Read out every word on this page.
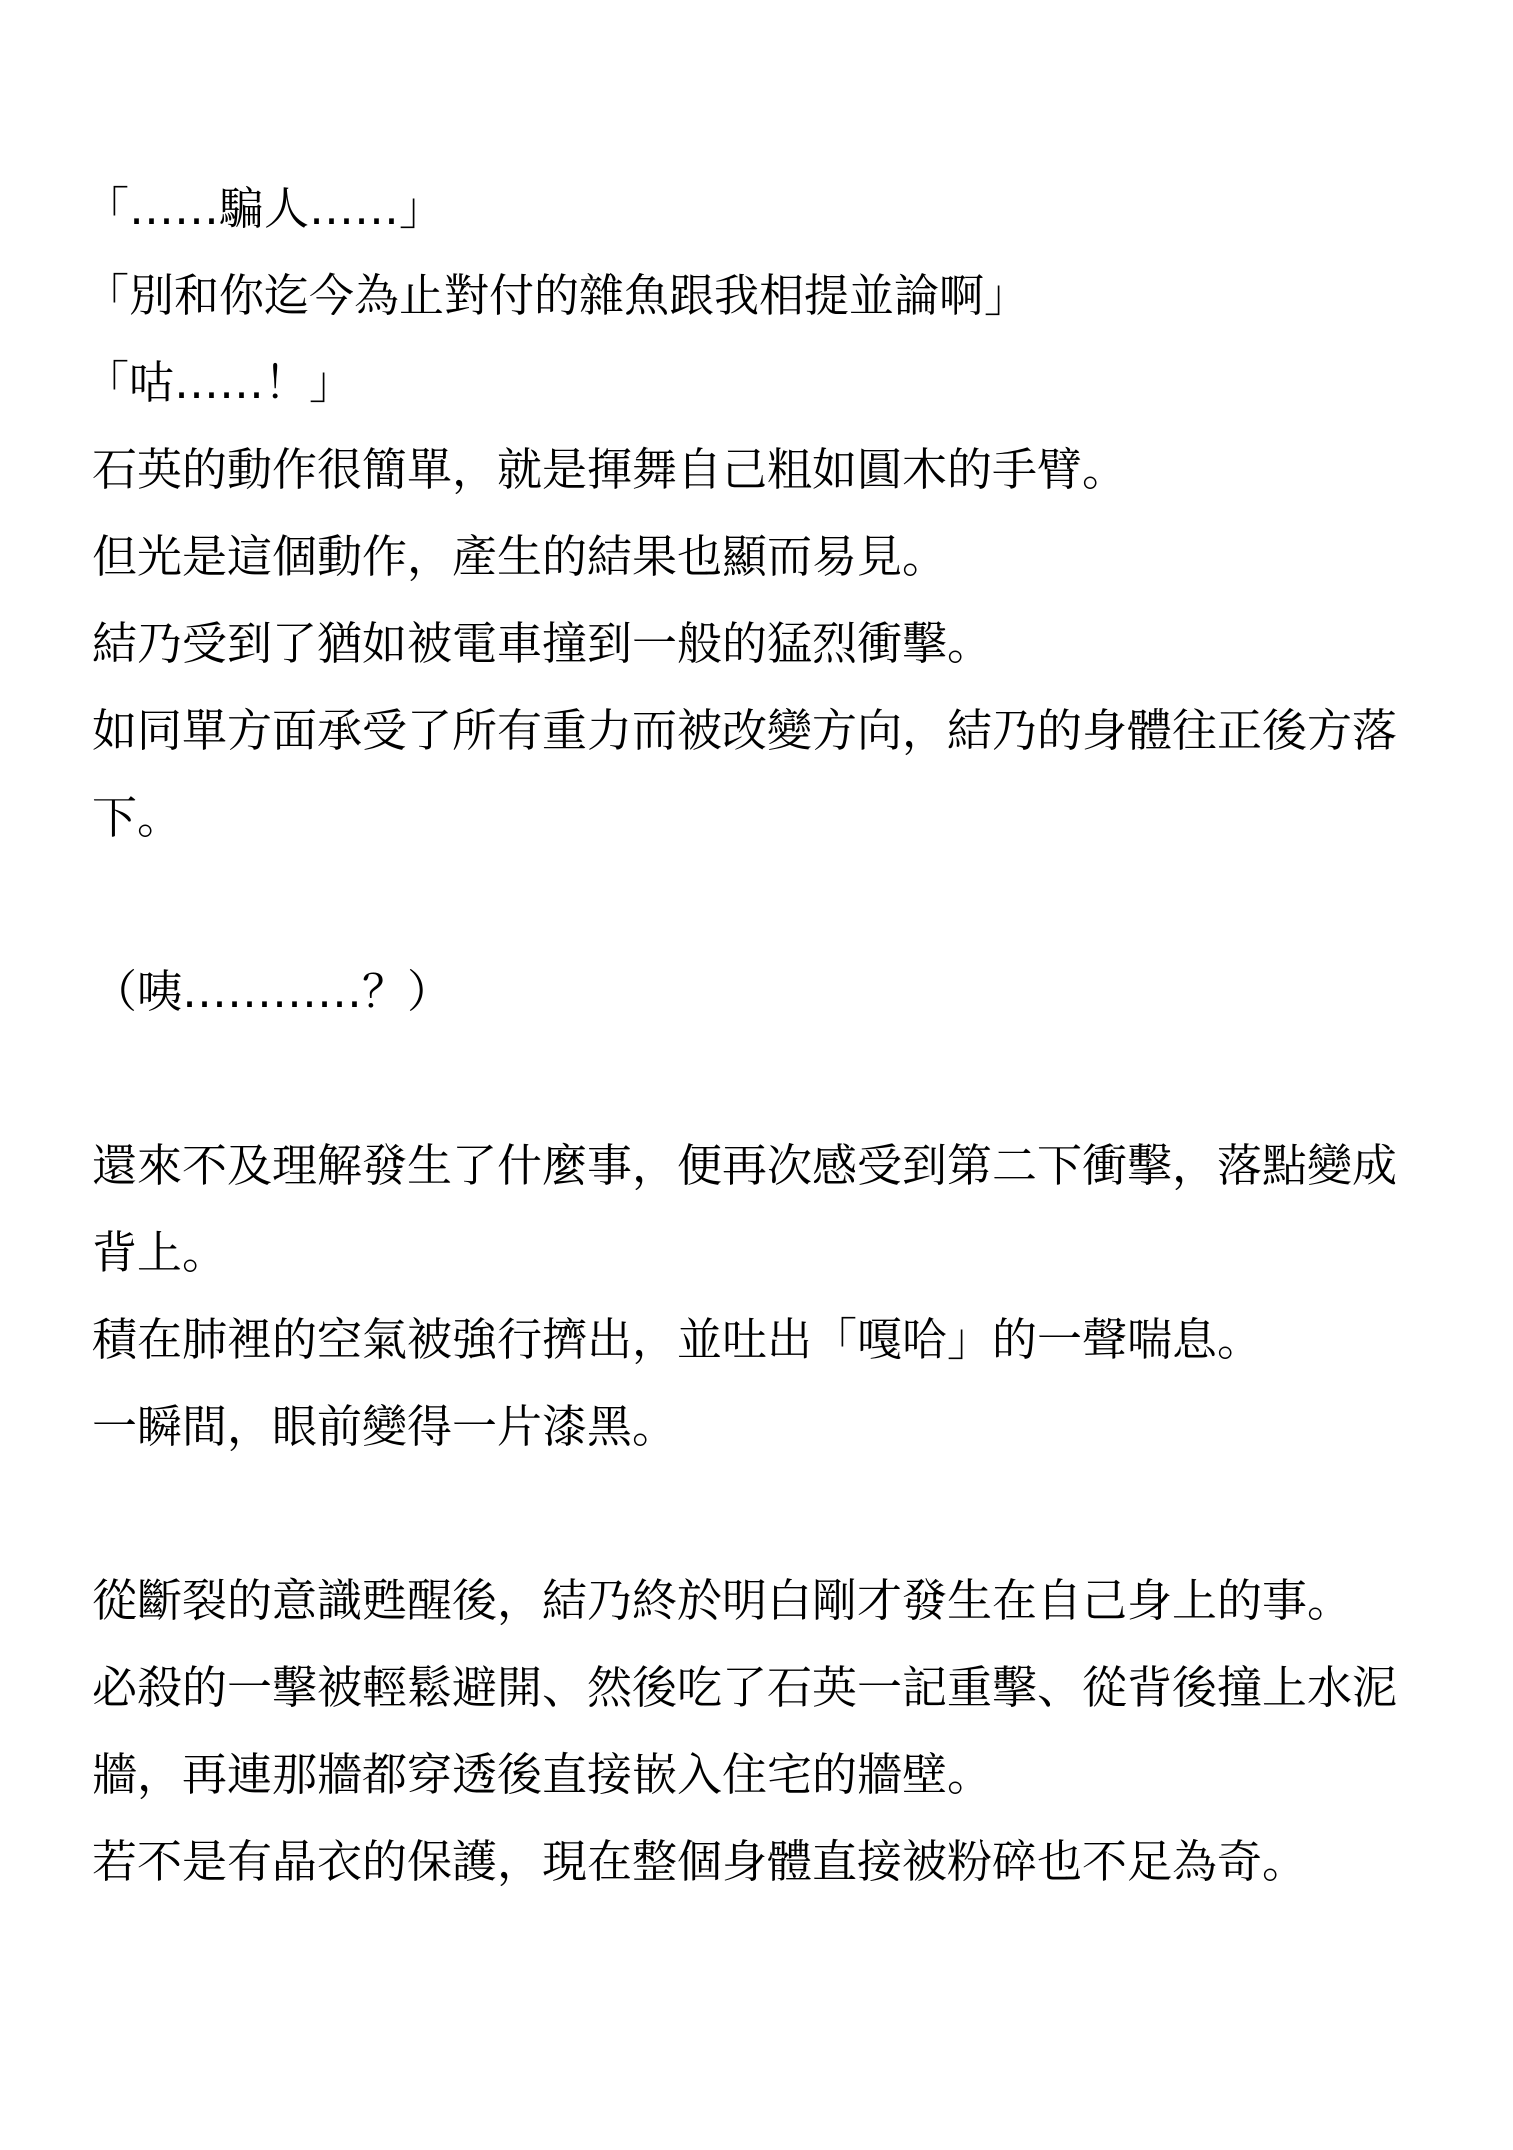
「……騙人……」

「別和你迄今為止對付的雜魚跟我相提並論啊」

「咕……！」

石英的動作很簡單，就是揮舞自己粗如圓木的手臂。

但光是這個動作，產生的結果也顯而易見。

結乃受到了猶如被電車撞到一般的猛烈衝擊。

如同單方面承受了所有重力而被改變方向，結乃的身體往正後方落下。

（咦…………？）

還來不及理解發生了什麼事，便再次感受到第二下衝擊，落點變成背上。

積在肺裡的空氣被強行擠出，並吐出「嘎哈」的一聲喘息。

一瞬間，眼前變得一片漆黑。

從斷裂的意識甦醒後，結乃終於明白剛才發生在自己身上的事。

必殺的一擊被輕鬆避開、然後吃了石英一記重擊、從背後撞上水泥牆，再連那牆都穿透後直接嵌入住宅的牆壁。

若不是有晶衣的保護，現在整個身體直接被粉碎也不足為奇。
